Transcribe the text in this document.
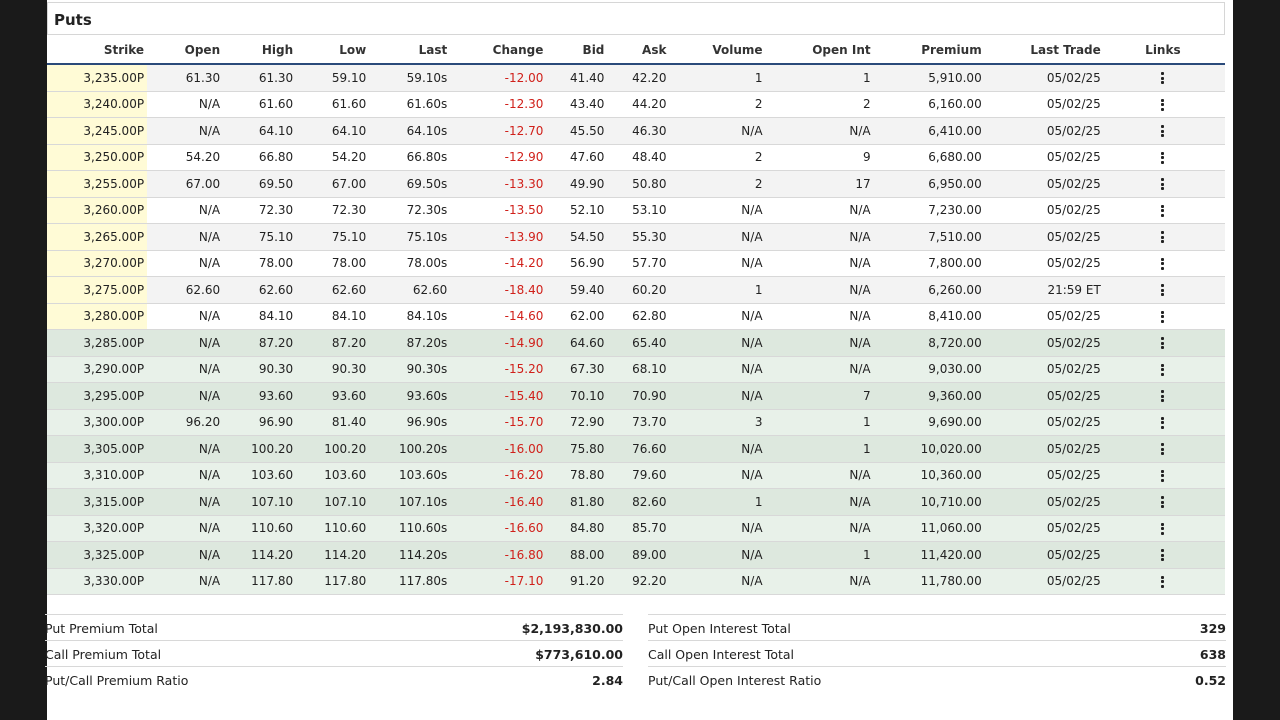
Puts
Strike	Open	High	Low	Last	Change	Bid	Ask	Volume	Open Int	Premium	Last Trade	Links
3,235.00P	61.30	61.30	59.10	59.10s	-12.00	41.40	42.20	1	1	5,910.00	05/02/25	

3,240.00P	N/A	61.60	61.60	61.60s	-12.30	43.40	44.20	2	2	6,160.00	05/02/25	

3,245.00P	N/A	64.10	64.10	64.10s	-12.70	45.50	46.30	N/A	N/A	6,410.00	05/02/25	

3,250.00P	54.20	66.80	54.20	66.80s	-12.90	47.60	48.40	2	9	6,680.00	05/02/25	

3,255.00P	67.00	69.50	67.00	69.50s	-13.30	49.90	50.80	2	17	6,950.00	05/02/25	

3,260.00P	N/A	72.30	72.30	72.30s	-13.50	52.10	53.10	N/A	N/A	7,230.00	05/02/25	

3,265.00P	N/A	75.10	75.10	75.10s	-13.90	54.50	55.30	N/A	N/A	7,510.00	05/02/25	

3,270.00P	N/A	78.00	78.00	78.00s	-14.20	56.90	57.70	N/A	N/A	7,800.00	05/02/25	

3,275.00P	62.60	62.60	62.60	62.60	-18.40	59.40	60.20	1	N/A	6,260.00	21:59 ET	

3,280.00P	N/A	84.10	84.10	84.10s	-14.60	62.00	62.80	N/A	N/A	8,410.00	05/02/25	

3,285.00P	N/A	87.20	87.20	87.20s	-14.90	64.60	65.40	N/A	N/A	8,720.00	05/02/25	

3,290.00P	N/A	90.30	90.30	90.30s	-15.20	67.30	68.10	N/A	N/A	9,030.00	05/02/25	

3,295.00P	N/A	93.60	93.60	93.60s	-15.40	70.10	70.90	N/A	7	9,360.00	05/02/25	

3,300.00P	96.20	96.90	81.40	96.90s	-15.70	72.90	73.70	3	1	9,690.00	05/02/25	

3,305.00P	N/A	100.20	100.20	100.20s	-16.00	75.80	76.60	N/A	1	10,020.00	05/02/25	

3,310.00P	N/A	103.60	103.60	103.60s	-16.20	78.80	79.60	N/A	N/A	10,360.00	05/02/25	

3,315.00P	N/A	107.10	107.10	107.10s	-16.40	81.80	82.60	1	N/A	10,710.00	05/02/25	

3,320.00P	N/A	110.60	110.60	110.60s	-16.60	84.80	85.70	N/A	N/A	11,060.00	05/02/25	

3,325.00P	N/A	114.20	114.20	114.20s	-16.80	88.00	89.00	N/A	1	11,420.00	05/02/25	

3,330.00P	N/A	117.80	117.80	117.80s	-17.10	91.20	92.20	N/A	N/A	11,780.00	05/02/25	
Put Premium Total	$2,193,830.00
Call Premium Total	$773,610.00
Put/Call Premium Ratio	2.84
Put Open Interest Total	329
Call Open Interest Total	638
Put/Call Open Interest Ratio	0.52
